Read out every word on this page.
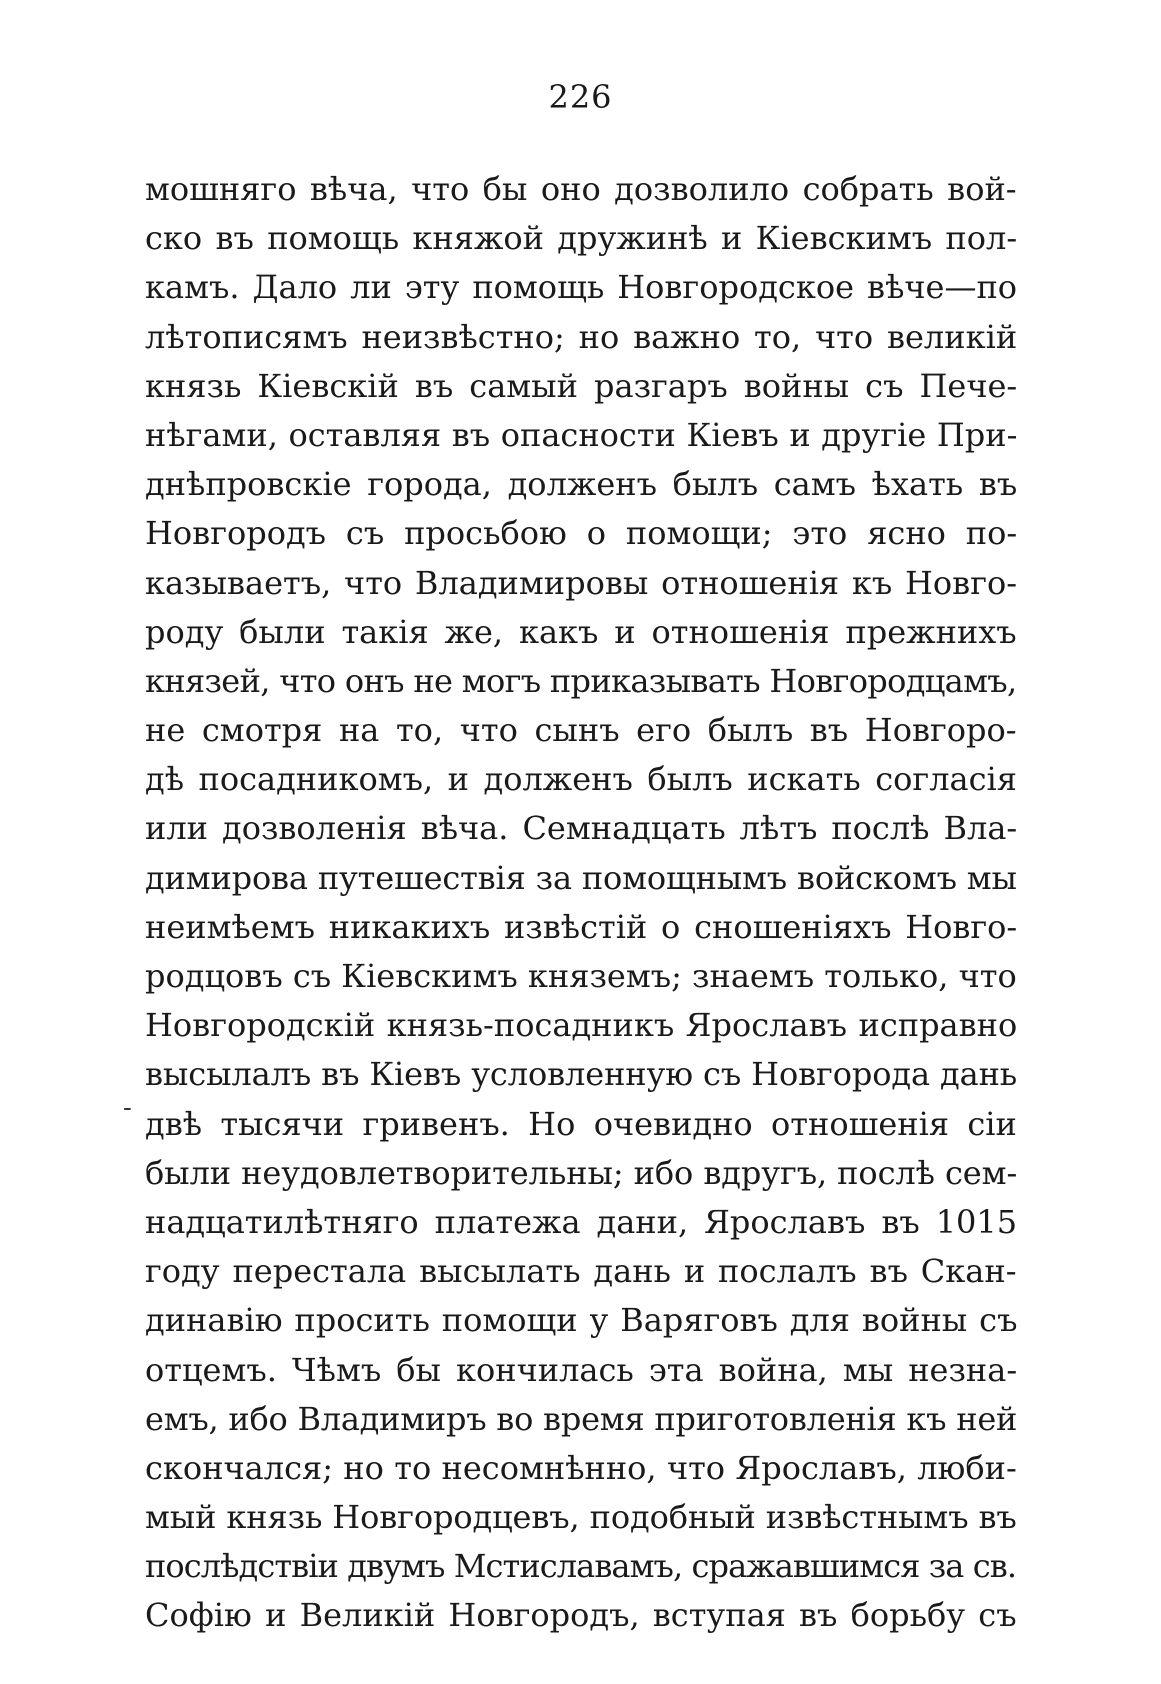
226
-
мошняго вѣча, что бы оно дозволило собрать вой-
ско въ помощь княжой дружинѣ и Кіевскимъ пол-
камъ. Дало ли эту помощь Новгородское вѣче—по
лѣтописямъ неизвѣстно; но важно то, что великій
князь Кіевскій въ самый разгаръ войны съ Пече-
нѣгами, оставляя въ опасности Кіевъ и другіе При-
днѣпровскіе города, долженъ былъ самъ ѣхать въ
Новгородъ съ просьбою о помощи; это ясно по-
казываетъ, что Владимировы отношенія къ Новго-
роду были такія же, какъ и отношенія прежнихъ
князей, что онъ не могъ приказывать Новгородцамъ,
не смотря на то, что сынъ его былъ въ Новгоро-
дѣ посадникомъ, и долженъ былъ искать согласія
или дозволенія вѣча. Семнадцать лѣтъ послѣ Вла-
димирова путешествія за помощнымъ войскомъ мы
неимѣемъ никакихъ извѣстій о сношеніяхъ Новго-
родцовъ съ Кіевскимъ княземъ; знаемъ только, что
Новгородскій князь-посадникъ Ярославъ исправно
высылалъ въ Кіевъ условленную съ Новгорода дань
двѣ тысячи гривенъ. Но очевидно отношенія сіи
были неудовлетворительны; ибо вдругъ, послѣ сем-
надцатилѣтняго платежа дани, Ярославъ въ 1015
году перестала высылать дань и послалъ въ Скан-
динавію просить помощи у Варяговъ для войны съ
отцемъ. Чѣмъ бы кончилась эта война, мы незна-
емъ, ибо Владимиръ во время приготовленія къ ней
скончался; но то несомнѣнно, что Ярославъ, люби-
мый князь Новгородцевъ, подобный извѣстнымъ въ
послѣдствіи двумъ Мстиславамъ, сражавшимся за св.
Софію и Великій Новгородъ, вступая въ борьбу съ
